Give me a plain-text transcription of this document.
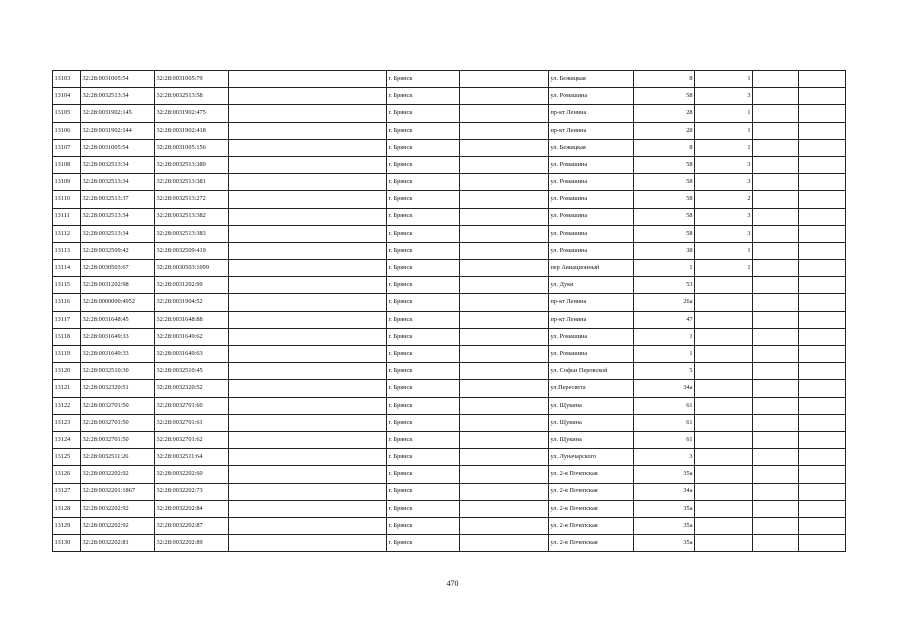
13103	32:28:0031005:54	32:28:0031005:79		г. Брянск		ул. Бежицкая	8	1		
13104	32:28:0032513:34	32:28:0032513:58		г. Брянск		ул. Ромашина	58	3		
13105	32:28:0031902:145	32:28:0031902:475		г. Брянск		пр-кт Ленина	28	1		
13106	32:28:0031902:144	32:28:0031902:418		г. Брянск		пр-кт Ленина	28	1		
13107	32:28:0031005:54	32:28:0031005:156		г. Брянск		ул. Бежицкая	8	1		
13108	32:28:0032513:34	32:28:0032513:380		г. Брянск		ул. Ромашина	58	3		
13109	32:28:0032513:34	32:28:0032513:381		г. Брянск		ул. Ромашина	58	3		
13110	32:28:0032513:37	32:28:0032513:272		г. Брянск		ул. Ромашина	58	2		
13111	32:28:0032513:34	32:28:0032513:382		г. Брянск		ул. Ромашина	58	3		
13112	32:28:0032513:34	32:28:0032513:383		г. Брянск		ул. Ромашина	58	3		
13113	32:28:0032509:42	32:28:0032509:419		г. Брянск		ул. Ромашина	38	1		
13114	32:28:0030503:67	32:28:0030503:1099		г. Брянск		пер Авиационный	1	1		
13115	32:28:0031202:98	32:28:0031202:99		г. Брянск		ул. Дуки	53			
13116	32:28:0000000:4952	32:28:0031904:52		г. Брянск		пр-кт Ленина	26а			
13117	32:28:0031648:45	32:28:0031648:88		г. Брянск		пр-кт Ленина	47			
13118	32:28:0031649:33	32:28:0031649:62		г. Брянск		ул. Ромашина	1			
13119	32:28:0031649:33	32:28:0031649:63		г. Брянск		ул. Ромашина	1			
13120	32:28:0032510:30	32:28:0032510:45		г. Брянск		ул. Софьи Перовской	5			
13121	32:28:0032320:51	32:28:0032320:52		г. Брянск		ул.Пересвета	34а			
13122	32:28:0032701:50	32:28:0032701:60		г. Брянск		ул. Щукина	61			
13123	32:28:0032701:50	32:28:0032701:61		г. Брянск		ул. Щукина	61			
13124	32:28:0032701:50	32:28:0032701:62		г. Брянск		ул. Щукина	61			
13125	32:28:0032511:26	32:28:0032511:64		г. Брянск		ул. Луначарского	3			
13126	32:28:0032202:92	32:28:0032202:60		г. Брянск		ул. 2-я Почепская	35а			
13127	32:28:0032201:1867	32:28:0032202:73		г. Брянск		ул. 2-я Почепская	34а			
13128	32:28:0032202:92	32:28:0032202:84		г. Брянск		ул. 2-я Почепская	35а			
13129	32:28:0032202:92	32:28:0032202:87		г. Брянск		ул. 2-я Почепская	35а			
13130	32:28:0032202:81	32:28:0032202:89		г. Брянск		ул. 2-я Почепская	35а			
470
